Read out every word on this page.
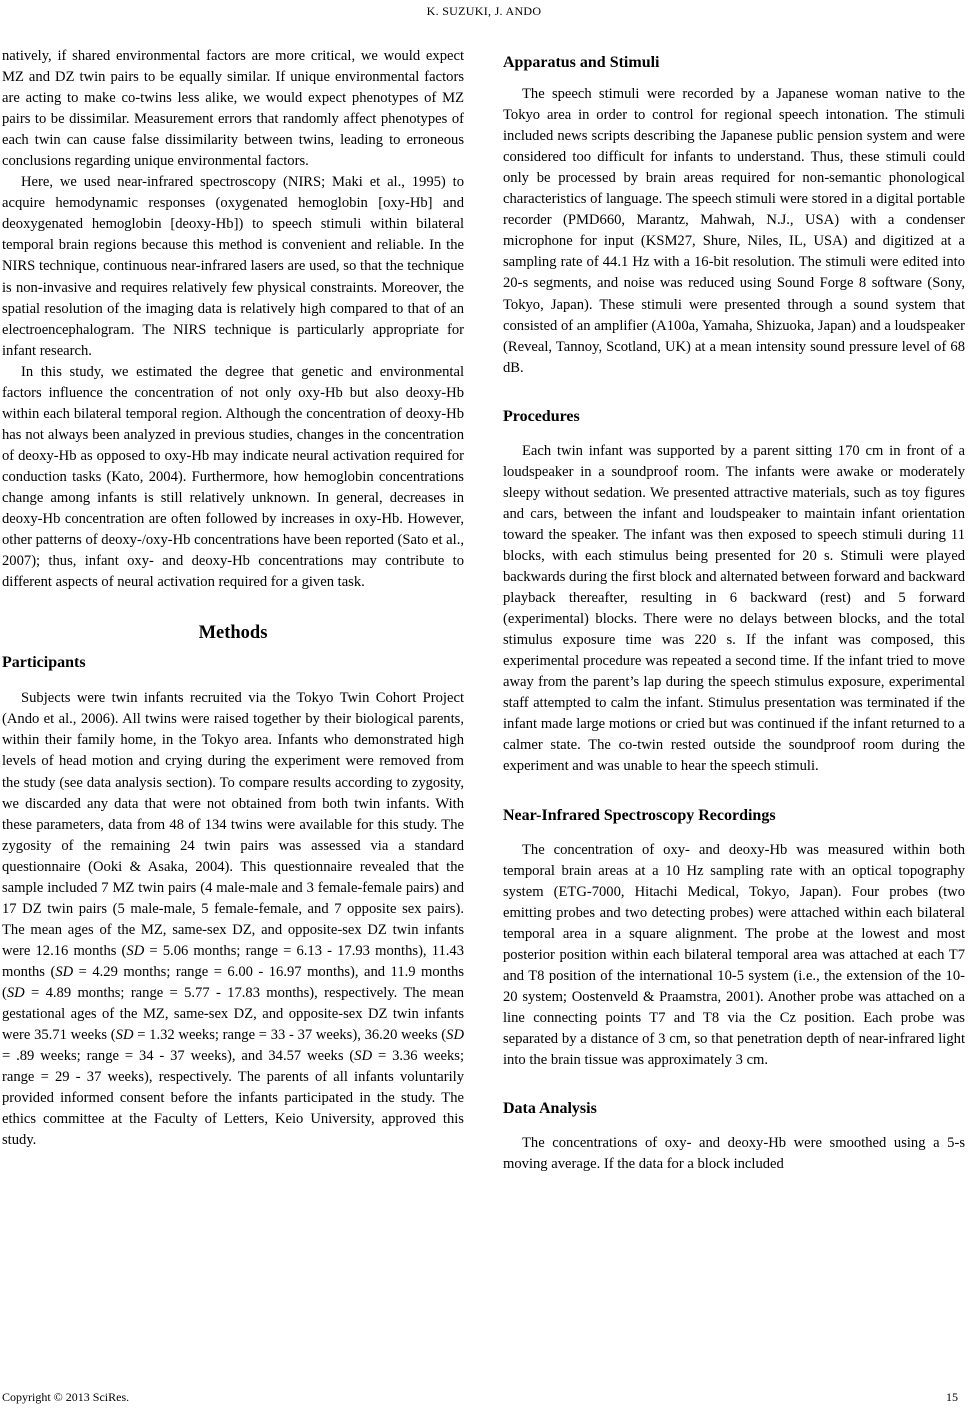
K. SUZUKI, J. ANDO

natively, if shared environmental factors are more critical, we would expect MZ and DZ twin pairs to be equally similar. If unique environmental factors are acting to make co-twins less alike, we would expect phenotypes of MZ pairs to be dissimilar. Measurement errors that randomly affect phenotypes of each twin can cause false dissimilarity between twins, leading to erroneous conclusions regarding unique environmental factors.

Here, we used near-infrared spectroscopy (NIRS; Maki et al., 1995) to acquire hemodynamic responses (oxygenated hemoglobin [oxy-Hb] and deoxygenated hemoglobin [deoxy-Hb]) to speech stimuli within bilateral temporal brain regions because this method is convenient and reliable. In the NIRS technique, continuous near-infrared lasers are used, so that the technique is non-invasive and requires relatively few physical constraints. Moreover, the spatial resolution of the imaging data is relatively high compared to that of an electroencephalogram. The NIRS technique is particularly appropriate for infant research.

In this study, we estimated the degree that genetic and environmental factors influence the concentration of not only oxy-Hb but also deoxy-Hb within each bilateral temporal region. Although the concentration of deoxy-Hb has not always been analyzed in previous studies, changes in the concentration of deoxy-Hb as opposed to oxy-Hb may indicate neural activation required for conduction tasks (Kato, 2004). Furthermore, how hemoglobin concentrations change among infants is still relatively unknown. In general, decreases in deoxy-Hb concentration are often followed by increases in oxy-Hb. However, other patterns of deoxy-/oxy-Hb concentrations have been reported (Sato et al., 2007); thus, infant oxy- and deoxy-Hb concentrations may contribute to different aspects of neural activation required for a given task.

Methods
Participants

Subjects were twin infants recruited via the Tokyo Twin Cohort Project (Ando et al., 2006). All twins were raised together by their biological parents, within their family home, in the Tokyo area. Infants who demonstrated high levels of head motion and crying during the experiment were removed from the study (see data analysis section). To compare results according to zygosity, we discarded any data that were not obtained from both twin infants. With these parameters, data from 48 of 134 twins were available for this study. The zygosity of the remaining 24 twin pairs was assessed via a standard questionnaire (Ooki & Asaka, 2004). This questionnaire revealed that the sample included 7 MZ twin pairs (4 male-male and 3 female-female pairs) and 17 DZ twin pairs (5 male-male, 5 female-female, and 7 opposite sex pairs). The mean ages of the MZ, same-sex DZ, and opposite-sex DZ twin infants were 12.16 months (SD = 5.06 months; range = 6.13 - 17.93 months), 11.43 months (SD = 4.29 months; range = 6.00 - 16.97 months), and 11.9 months (SD = 4.89 months; range = 5.77 - 17.83 months), respectively. The mean gestational ages of the MZ, same-sex DZ, and opposite-sex DZ twin infants were 35.71 weeks (SD = 1.32 weeks; range = 33 - 37 weeks), 36.20 weeks (SD = .89 weeks; range = 34 - 37 weeks), and 34.57 weeks (SD = 3.36 weeks; range = 29 - 37 weeks), respectively. The parents of all infants voluntarily provided informed consent before the infants participated in the study. The ethics committee at the Faculty of Letters, Keio University, approved this study.

Apparatus and Stimuli

The speech stimuli were recorded by a Japanese woman native to the Tokyo area in order to control for regional speech intonation. The stimuli included news scripts describing the Japanese public pension system and were considered too difficult for infants to understand. Thus, these stimuli could only be processed by brain areas required for non-semantic phonological characteristics of language. The speech stimuli were stored in a digital portable recorder (PMD660, Marantz, Mahwah, N.J., USA) with a condenser microphone for input (KSM27, Shure, Niles, IL, USA) and digitized at a sampling rate of 44.1 Hz with a 16-bit resolution. The stimuli were edited into 20-s segments, and noise was reduced using Sound Forge 8 software (Sony, Tokyo, Japan). These stimuli were presented through a sound system that consisted of an amplifier (A100a, Yamaha, Shizuoka, Japan) and a loudspeaker (Reveal, Tannoy, Scotland, UK) at a mean intensity sound pressure level of 68 dB.

Procedures

Each twin infant was supported by a parent sitting 170 cm in front of a loudspeaker in a soundproof room. The infants were awake or moderately sleepy without sedation. We presented attractive materials, such as toy figures and cars, between the infant and loudspeaker to maintain infant orientation toward the speaker. The infant was then exposed to speech stimuli during 11 blocks, with each stimulus being presented for 20 s. Stimuli were played backwards during the first block and alternated between forward and backward playback thereafter, resulting in 6 backward (rest) and 5 forward (experimental) blocks. There were no delays between blocks, and the total stimulus exposure time was 220 s. If the infant was composed, this experimental procedure was repeated a second time. If the infant tried to move away from the parent’s lap during the speech stimulus exposure, experimental staff attempted to calm the infant. Stimulus presentation was terminated if the infant made large motions or cried but was continued if the infant returned to a calmer state. The co-twin rested outside the soundproof room during the experiment and was unable to hear the speech stimuli.

Near-Infrared Spectroscopy Recordings

The concentration of oxy- and deoxy-Hb was measured within both temporal brain areas at a 10 Hz sampling rate with an optical topography system (ETG-7000, Hitachi Medical, Tokyo, Japan). Four probes (two emitting probes and two detecting probes) were attached within each bilateral temporal area in a square alignment. The probe at the lowest and most posterior position within each bilateral temporal area was attached at each T7 and T8 position of the international 10-5 system (i.e., the extension of the 10-20 system; Oostenveld & Praamstra, 2001). Another probe was attached on a line connecting points T7 and T8 via the Cz position. Each probe was separated by a distance of 3 cm, so that penetration depth of near-infrared light into the brain tissue was approximately 3 cm.

Data Analysis

The concentrations of oxy- and deoxy-Hb were smoothed using a 5-s moving average. If the data for a block included

Copyright © 2013 SciRes.	15
